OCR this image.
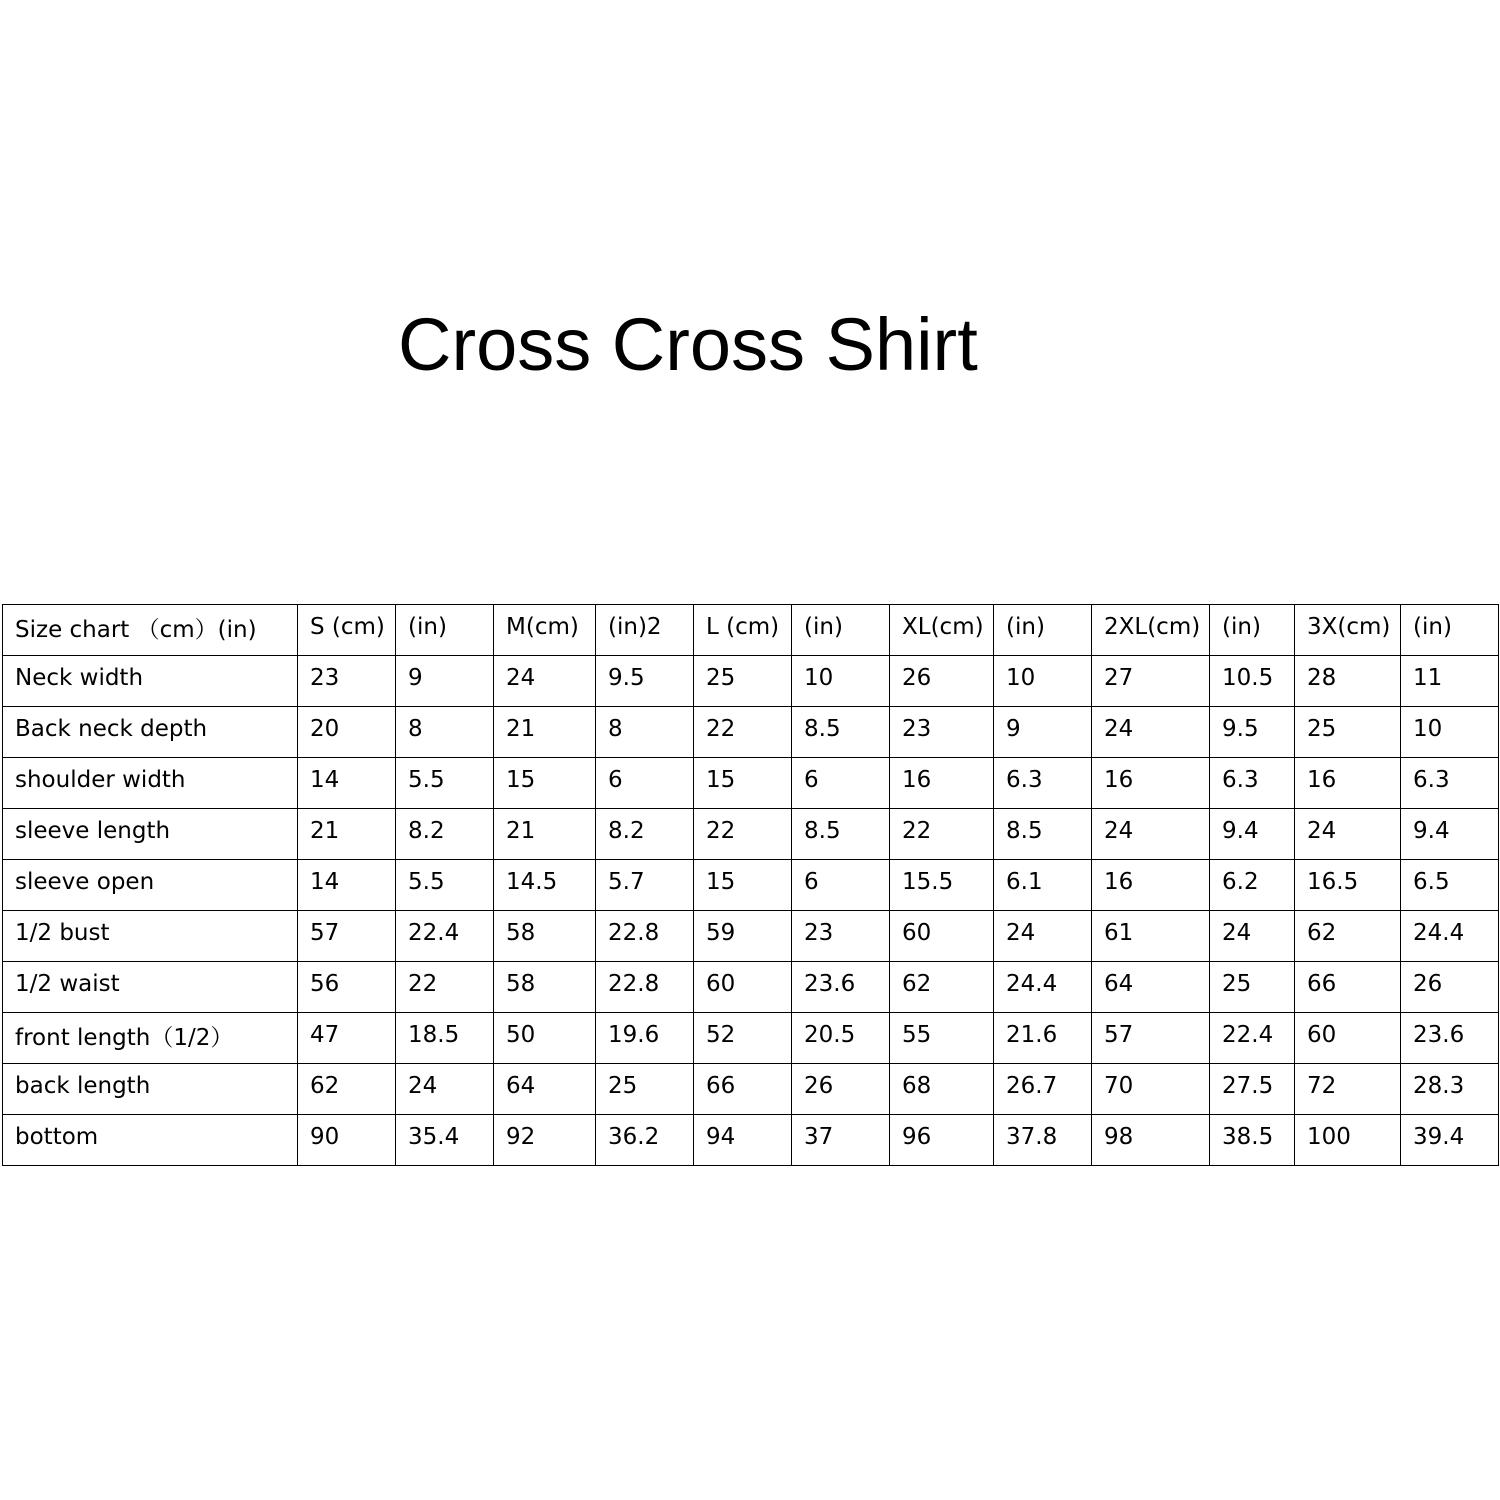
Cross Cross Shirt
Size chart （cm）(in)	S (cm)	(in)	M(cm)	(in)2	L (cm)	(in)	XL(cm)	(in)	2XL(cm)	(in)	3X(cm)	(in)
Neck width	23	9	24	9.5	25	10	26	10	27	10.5	28	11
Back neck depth	20	8	21	8	22	8.5	23	9	24	9.5	25	10
shoulder width	14	5.5	15	6	15	6	16	6.3	16	6.3	16	6.3
sleeve length	21	8.2	21	8.2	22	8.5	22	8.5	24	9.4	24	9.4
sleeve open	14	5.5	14.5	5.7	15	6	15.5	6.1	16	6.2	16.5	6.5
1/2 bust	57	22.4	58	22.8	59	23	60	24	61	24	62	24.4
1/2 waist	56	22	58	22.8	60	23.6	62	24.4	64	25	66	26
front length（1/2）	47	18.5	50	19.6	52	20.5	55	21.6	57	22.4	60	23.6
back length	62	24	64	25	66	26	68	26.7	70	27.5	72	28.3
bottom	90	35.4	92	36.2	94	37	96	37.8	98	38.5	100	39.4
